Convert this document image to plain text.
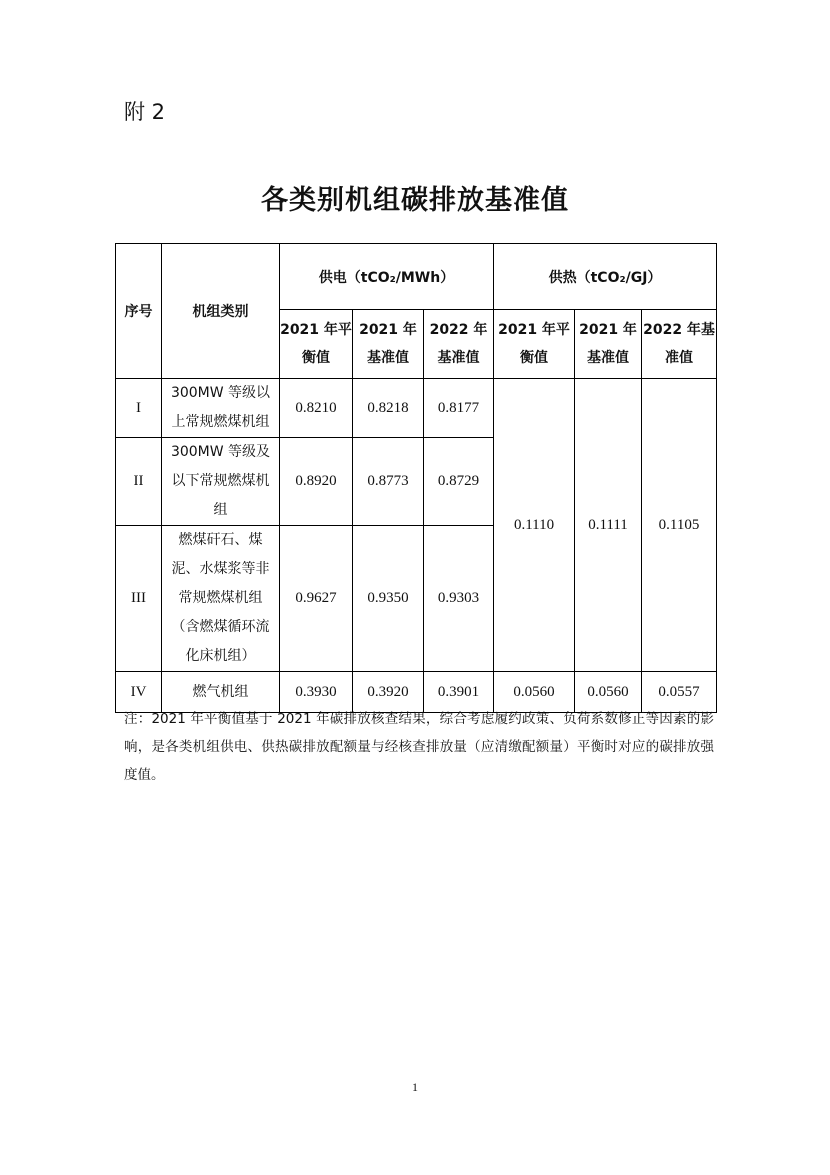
附 2
各类别机组碳排放基准值
序号	机组类别	供电（tCO₂/MWh）			供热（tCO₂/GJ）		
		2021 年平衡值	2021 年基准值	2022 年基准值	2021 年平衡值	2021 年基准值	2022 年基准值
I	300MW 等级以上常规燃煤机组	0.8210	0.8218	0.8177	0.1110	0.1111	0.1105
II	300MW 等级及以下常规燃煤机组	0.8920	0.8773	0.8729			
III	燃煤矸石、煤泥、水煤浆等非常规燃煤机组（含燃煤循环流化床机组）	0.9627	0.9350	0.9303			
IV	燃气机组	0.3930	0.3920	0.3901	0.0560	0.0560	0.0557
注：2021 年平衡值基于 2021 年碳排放核查结果，综合考虑履约政策、负荷系数修正等因素的影响，是各类机组供电、供热碳排放配额量与经核查排放量（应清缴配额量）平衡时对应的碳排放强度值。
1
